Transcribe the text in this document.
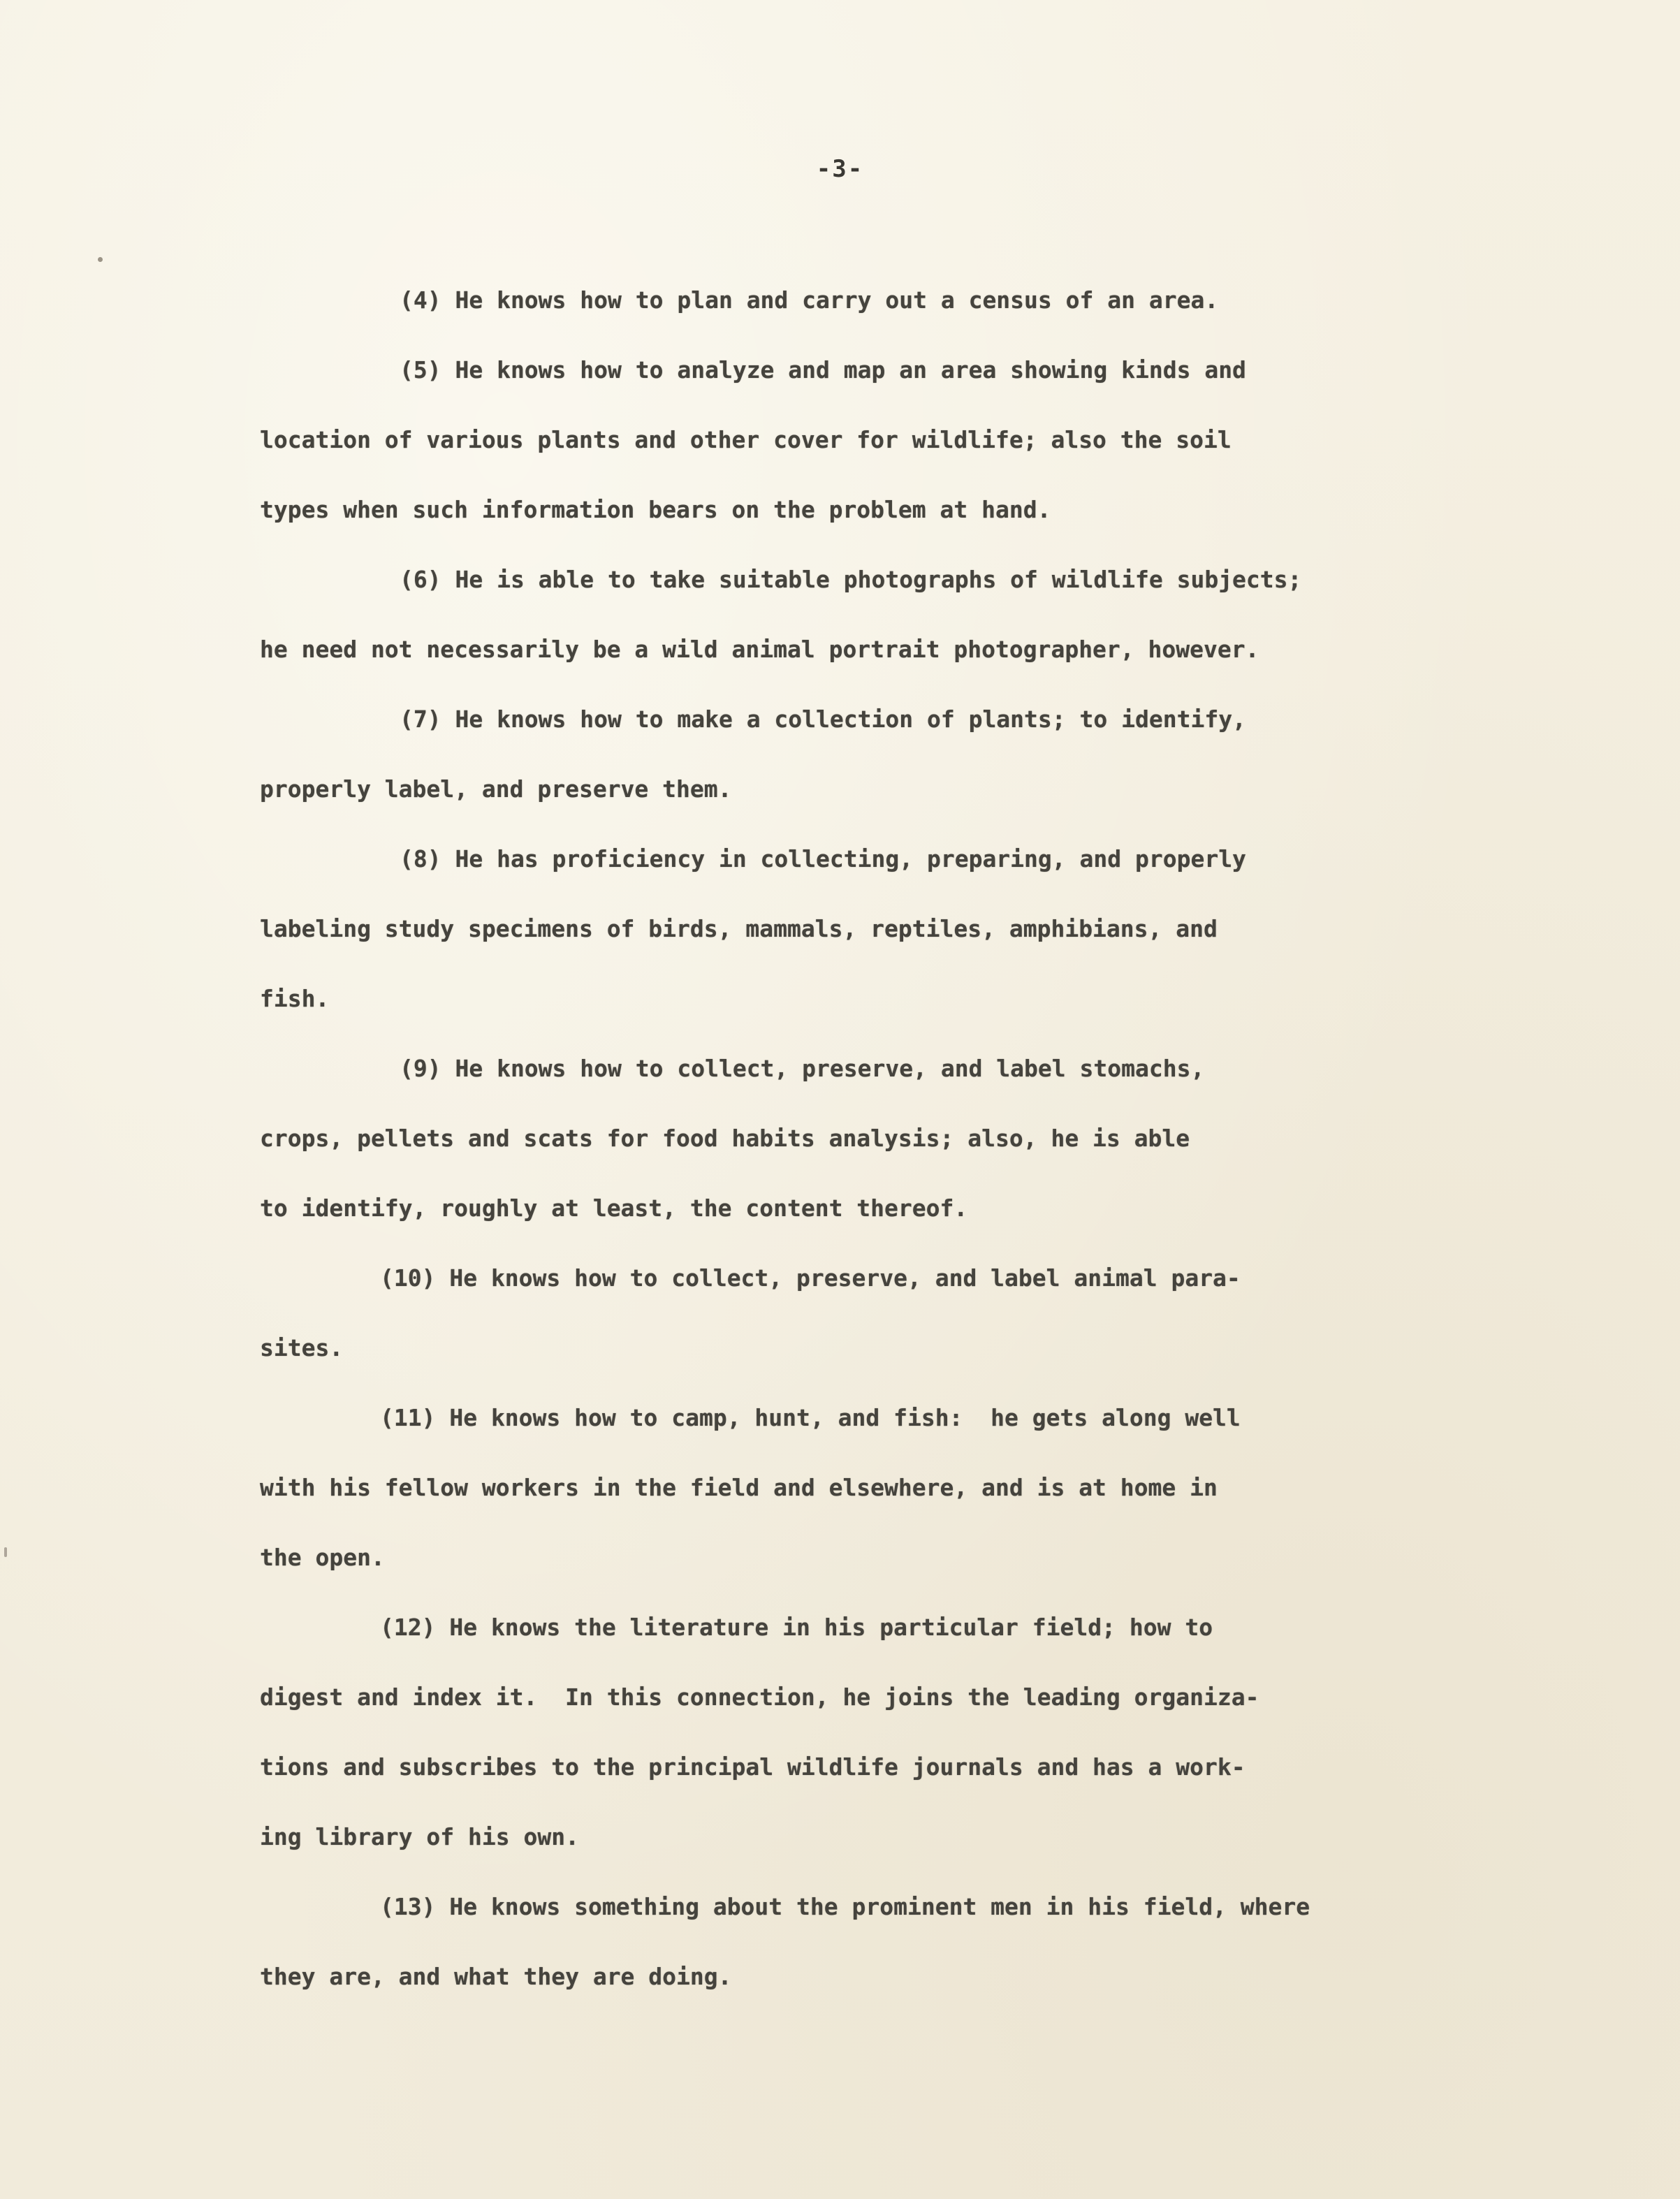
-3-
(4) He knows how to plan and carry out a census of an area.
(5) He knows how to analyze and map an area showing kinds and
location of various plants and other cover for wildlife; also the soil
types when such information bears on the problem at hand.
(6) He is able to take suitable photographs of wildlife subjects;
he need not necessarily be a wild animal portrait photographer, however.
(7) He knows how to make a collection of plants; to identify,
properly label, and preserve them.
(8) He has proficiency in collecting, preparing, and properly
labeling study specimens of birds, mammals, reptiles, amphibians, and
fish.
(9) He knows how to collect, preserve, and label stomachs,
crops, pellets and scats for food habits analysis; also, he is able
to identify, roughly at least, the content thereof.
(10) He knows how to collect, preserve, and label animal para-
sites.
(11) He knows how to camp, hunt, and fish:  he gets along well
with his fellow workers in the field and elsewhere, and is at home in
the open.
(12) He knows the literature in his particular field; how to
digest and index it.  In this connection, he joins the leading organiza-
tions and subscribes to the principal wildlife journals and has a work-
ing library of his own.
(13) He knows something about the prominent men in his field, where
they are, and what they are doing.
